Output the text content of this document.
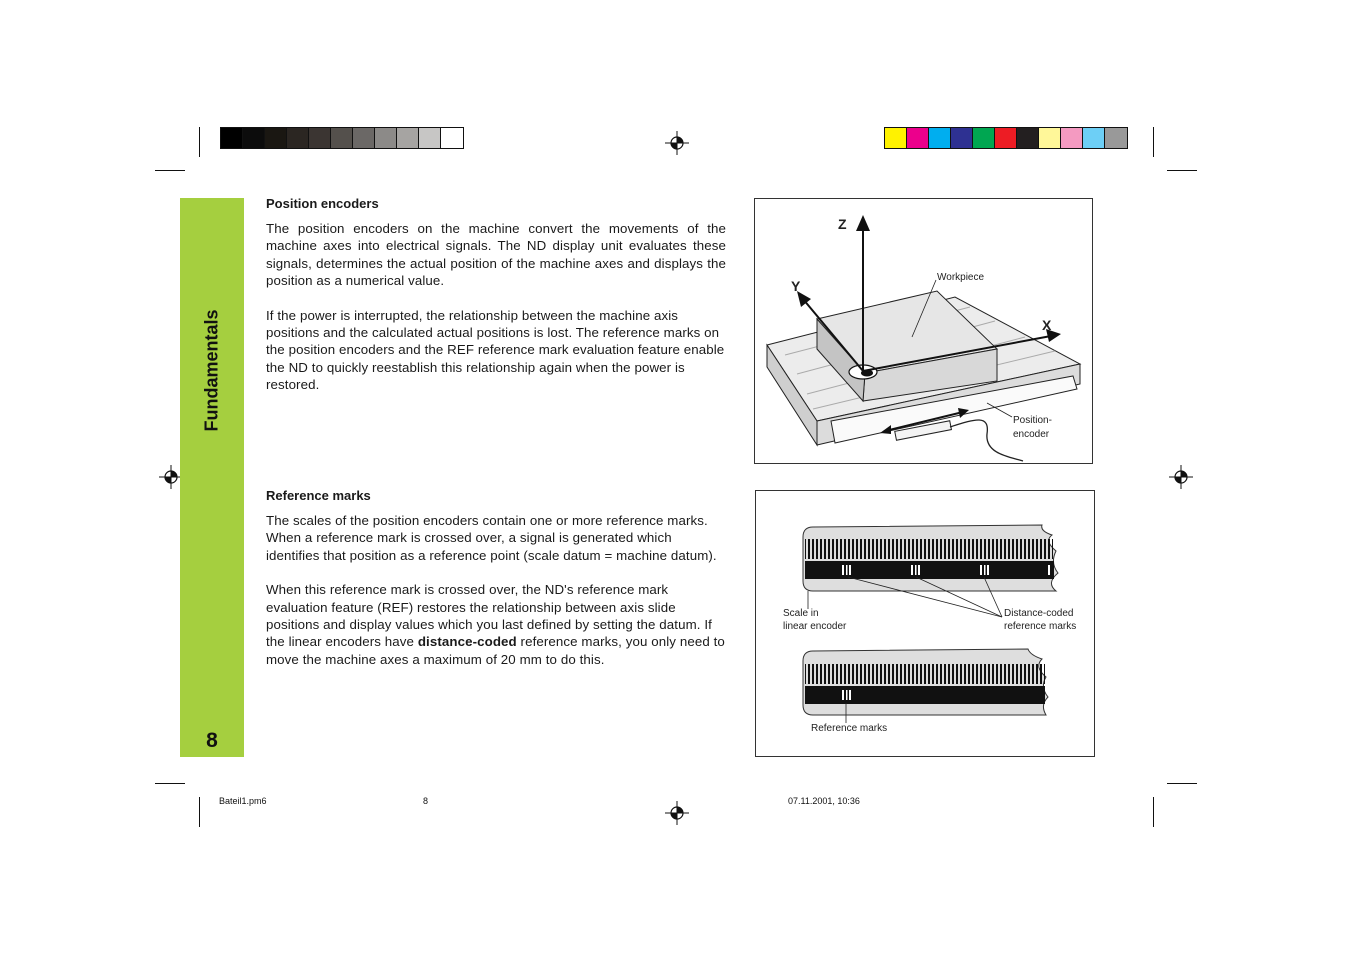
Fundamentals
8
Position encoders

The position encoders on the machine convert the movements of the machine axes into electrical signals. The ND display unit evaluates these signals, determines the actual position of the machine axes and displays the position as a numerical value.

If the power is interrupted, the relationship between the machine axis positions and the calculated actual positions is lost. The reference marks on the position encoders and the REF reference mark evaluation feature enable the ND to quickly reestablish this relationship again when the power is restored.

Reference marks

The scales of the position encoders contain one or more reference marks. When a reference mark is crossed over, a signal is generated which identifies that position as a reference point (scale datum = machine datum).

When this reference mark is crossed over, the ND's reference mark evaluation feature (REF) restores the relationship between axis slide positions and display values which you last defined by setting the datum. If the linear encoders have distance-coded reference marks, you only need to move the machine axes a maximum of 20 mm to do this.

Z
Y
X
Workpiece
Position-
encoder
Scale in
linear encoder
Distance-coded
reference marks
Reference marks
Bateil1.pm6	8	07.11.2001, 10:36
